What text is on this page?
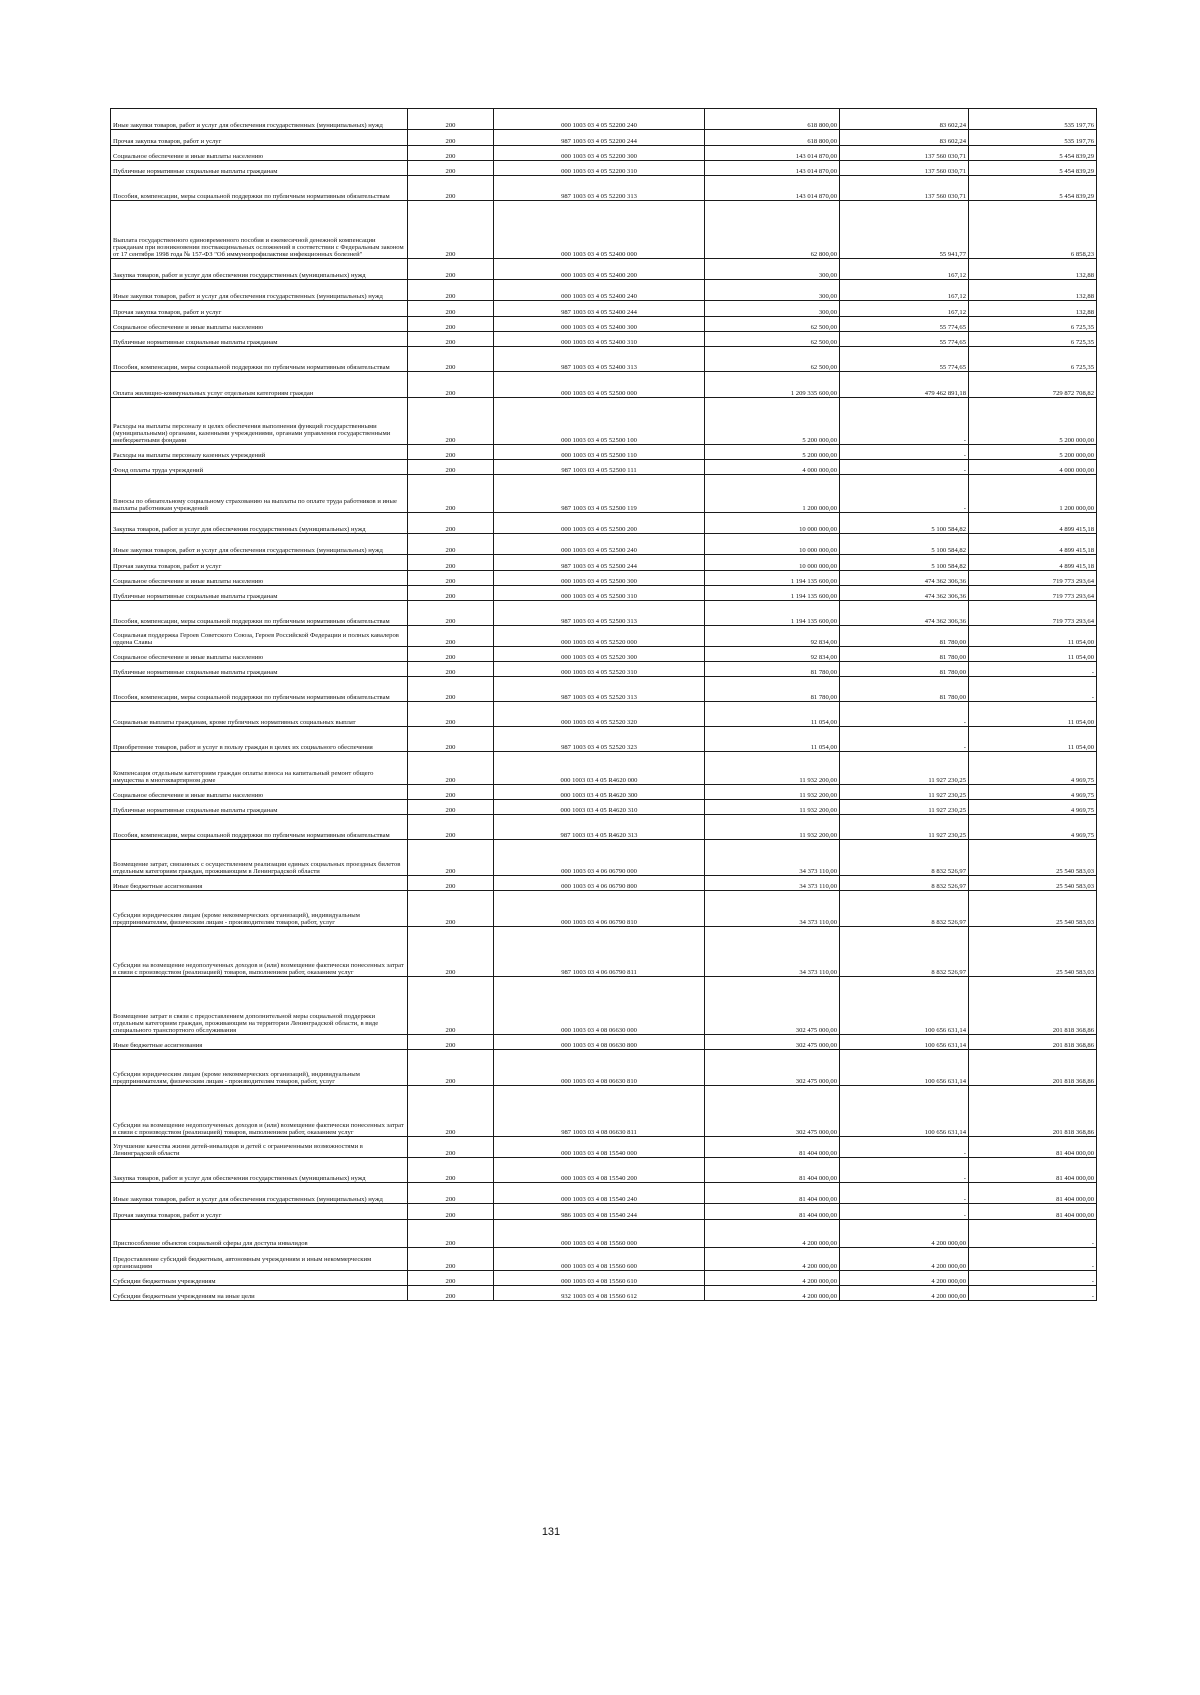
Иные закупки товаров, работ и услуг для обеспечения государственных (муниципальных) нужд	200	000 1003 03 4 05 52200 240	618 800,00	83 602,24	535 197,76
Прочая закупка товаров, работ и услуг	200	987 1003 03 4 05 52200 244	618 800,00	83 602,24	535 197,76
Социальное обеспечение и иные выплаты населению	200	000 1003 03 4 05 52200 300	143 014 870,00	137 560 030,71	5 454 839,29
Публичные нормативные социальные выплаты гражданам	200	000 1003 03 4 05 52200 310	143 014 870,00	137 560 030,71	5 454 839,29
Пособия, компенсации, меры социальной поддержки по публичным нормативным обязательствам	200	987 1003 03 4 05 52200 313	143 014 870,00	137 560 030,71	5 454 839,29
Выплата государственного единовременного пособия и ежемесячной денежной компенсации гражданам при возникновении поствакцинальных осложнений в соответствии с Федеральным законом от 17 сентября 1998 года № 157-ФЗ "Об иммунопрофилактике инфекционных болезней"	200	000 1003 03 4 05 52400 000	62 800,00	55 941,77	6 858,23
Закупка товаров, работ и услуг для обеспечения государственных (муниципальных) нужд	200	000 1003 03 4 05 52400 200	300,00	167,12	132,88
Иные закупки товаров, работ и услуг для обеспечения государственных (муниципальных) нужд	200	000 1003 03 4 05 52400 240	300,00	167,12	132,88
Прочая закупка товаров, работ и услуг	200	987 1003 03 4 05 52400 244	300,00	167,12	132,88
Социальное обеспечение и иные выплаты населению	200	000 1003 03 4 05 52400 300	62 500,00	55 774,65	6 725,35
Публичные нормативные социальные выплаты гражданам	200	000 1003 03 4 05 52400 310	62 500,00	55 774,65	6 725,35
Пособия, компенсации, меры социальной поддержки по публичным нормативным обязательствам	200	987 1003 03 4 05 52400 313	62 500,00	55 774,65	6 725,35
Оплата жилищно-коммунальных услуг отдельным категориям граждан	200	000 1003 03 4 05 52500 000	1 209 335 600,00	479 462 891,18	729 872 708,82
Расходы на выплаты персоналу в целях обеспечения выполнения функций государственными (муниципальными) органами, казенными учреждениями, органами управления государственными внебюджетными фондами	200	000 1003 03 4 05 52500 100	5 200 000,00	-	5 200 000,00
Расходы на выплаты персоналу казенных учреждений	200	000 1003 03 4 05 52500 110	5 200 000,00	-	5 200 000,00
Фонд оплаты труда учреждений	200	987 1003 03 4 05 52500 111	4 000 000,00	-	4 000 000,00
Взносы по обязательному социальному страхованию на выплаты по оплате труда работников и иные выплаты работникам учреждений	200	987 1003 03 4 05 52500 119	1 200 000,00	-	1 200 000,00
Закупка товаров, работ и услуг для обеспечения государственных (муниципальных) нужд	200	000 1003 03 4 05 52500 200	10 000 000,00	5 100 584,82	4 899 415,18
Иные закупки товаров, работ и услуг для обеспечения государственных (муниципальных) нужд	200	000 1003 03 4 05 52500 240	10 000 000,00	5 100 584,82	4 899 415,18
Прочая закупка товаров, работ и услуг	200	987 1003 03 4 05 52500 244	10 000 000,00	5 100 584,82	4 899 415,18
Социальное обеспечение и иные выплаты населению	200	000 1003 03 4 05 52500 300	1 194 135 600,00	474 362 306,36	719 773 293,64
Публичные нормативные социальные выплаты гражданам	200	000 1003 03 4 05 52500 310	1 194 135 600,00	474 362 306,36	719 773 293,64
Пособия, компенсации, меры социальной поддержки по публичным нормативным обязательствам	200	987 1003 03 4 05 52500 313	1 194 135 600,00	474 362 306,36	719 773 293,64
Социальная поддержка Героев Советского Союза, Героев Российской Федерации и полных кавалеров ордена Славы	200	000 1003 03 4 05 52520 000	92 834,00	81 780,00	11 054,00
Социальное обеспечение и иные выплаты населению	200	000 1003 03 4 05 52520 300	92 834,00	81 780,00	11 054,00
Публичные нормативные социальные выплаты гражданам	200	000 1003 03 4 05 52520 310	81 780,00	81 780,00	-
Пособия, компенсации, меры социальной поддержки по публичным нормативным обязательствам	200	987 1003 03 4 05 52520 313	81 780,00	81 780,00	-
Социальные выплаты гражданам, кроме публичных нормативных социальных выплат	200	000 1003 03 4 05 52520 320	11 054,00	-	11 054,00
Приобретение товаров, работ и услуг в пользу граждан в целях их социального обеспечения	200	987 1003 03 4 05 52520 323	11 054,00	-	11 054,00
Компенсация отдельным категориям граждан оплаты взноса на капитальный ремонт общего имущества в многоквартирном доме	200	000 1003 03 4 05 R4620 000	11 932 200,00	11 927 230,25	4 969,75
Социальное обеспечение и иные выплаты населению	200	000 1003 03 4 05 R4620 300	11 932 200,00	11 927 230,25	4 969,75
Публичные нормативные социальные выплаты гражданам	200	000 1003 03 4 05 R4620 310	11 932 200,00	11 927 230,25	4 969,75
Пособия, компенсации, меры социальной поддержки по публичным нормативным обязательствам	200	987 1003 03 4 05 R4620 313	11 932 200,00	11 927 230,25	4 969,75
Возмещение затрат, связанных с осуществлением реализации единых социальных проездных билетов отдельным категориям граждан, проживающим в Ленинградской области	200	000 1003 03 4 06 06790 000	34 373 110,00	8 832 526,97	25 540 583,03
Иные бюджетные ассигнования	200	000 1003 03 4 06 06790 800	34 373 110,00	8 832 526,97	25 540 583,03
Субсидии юридическим лицам (кроме некоммерческих организаций), индивидуальным предпринимателям, физическим лицам - производителям товаров, работ, услуг	200	000 1003 03 4 06 06790 810	34 373 110,00	8 832 526,97	25 540 583,03
Субсидии на возмещение недополученных доходов и (или) возмещение фактически понесенных затрат в связи с производством (реализацией) товаров, выполнением работ, оказанием услуг	200	987 1003 03 4 06 06790 811	34 373 110,00	8 832 526,97	25 540 583,03
Возмещение затрат в связи с предоставлением дополнительной меры социальной поддержки отдельным категориям граждан, проживающим на территории Ленинградской области, в виде специального транспортного обслуживания	200	000 1003 03 4 08 06630 000	302 475 000,00	100 656 631,14	201 818 368,86
Иные бюджетные ассигнования	200	000 1003 03 4 08 06630 800	302 475 000,00	100 656 631,14	201 818 368,86
Субсидии юридическим лицам (кроме некоммерческих организаций), индивидуальным предпринимателям, физическим лицам - производителям товаров, работ, услуг	200	000 1003 03 4 08 06630 810	302 475 000,00	100 656 631,14	201 818 368,86
Субсидии на возмещение недополученных доходов и (или) возмещение фактически понесенных затрат в связи с производством (реализацией) товаров, выполнением работ, оказанием услуг	200	987 1003 03 4 08 06630 811	302 475 000,00	100 656 631,14	201 818 368,86
Улучшение качества жизни детей-инвалидов и детей с ограниченными возможностями в Ленинградской области	200	000 1003 03 4 08 15540 000	81 404 000,00	-	81 404 000,00
Закупка товаров, работ и услуг для обеспечения государственных (муниципальных) нужд	200	000 1003 03 4 08 15540 200	81 404 000,00	-	81 404 000,00
Иные закупки товаров, работ и услуг для обеспечения государственных (муниципальных) нужд	200	000 1003 03 4 08 15540 240	81 404 000,00	-	81 404 000,00
Прочая закупка товаров, работ и услуг	200	986 1003 03 4 08 15540 244	81 404 000,00	-	81 404 000,00
Приспособление объектов социальной сферы для доступа инвалидов	200	000 1003 03 4 08 15560 000	4 200 000,00	4 200 000,00	-
Предоставление субсидий бюджетным, автономным учреждениям и иным некоммерческим организациям	200	000 1003 03 4 08 15560 600	4 200 000,00	4 200 000,00	-
Субсидии бюджетным учреждениям	200	000 1003 03 4 08 15560 610	4 200 000,00	4 200 000,00	-
Субсидии бюджетным учреждениям на иные цели	200	932 1003 03 4 08 15560 612	4 200 000,00	4 200 000,00	-
131
